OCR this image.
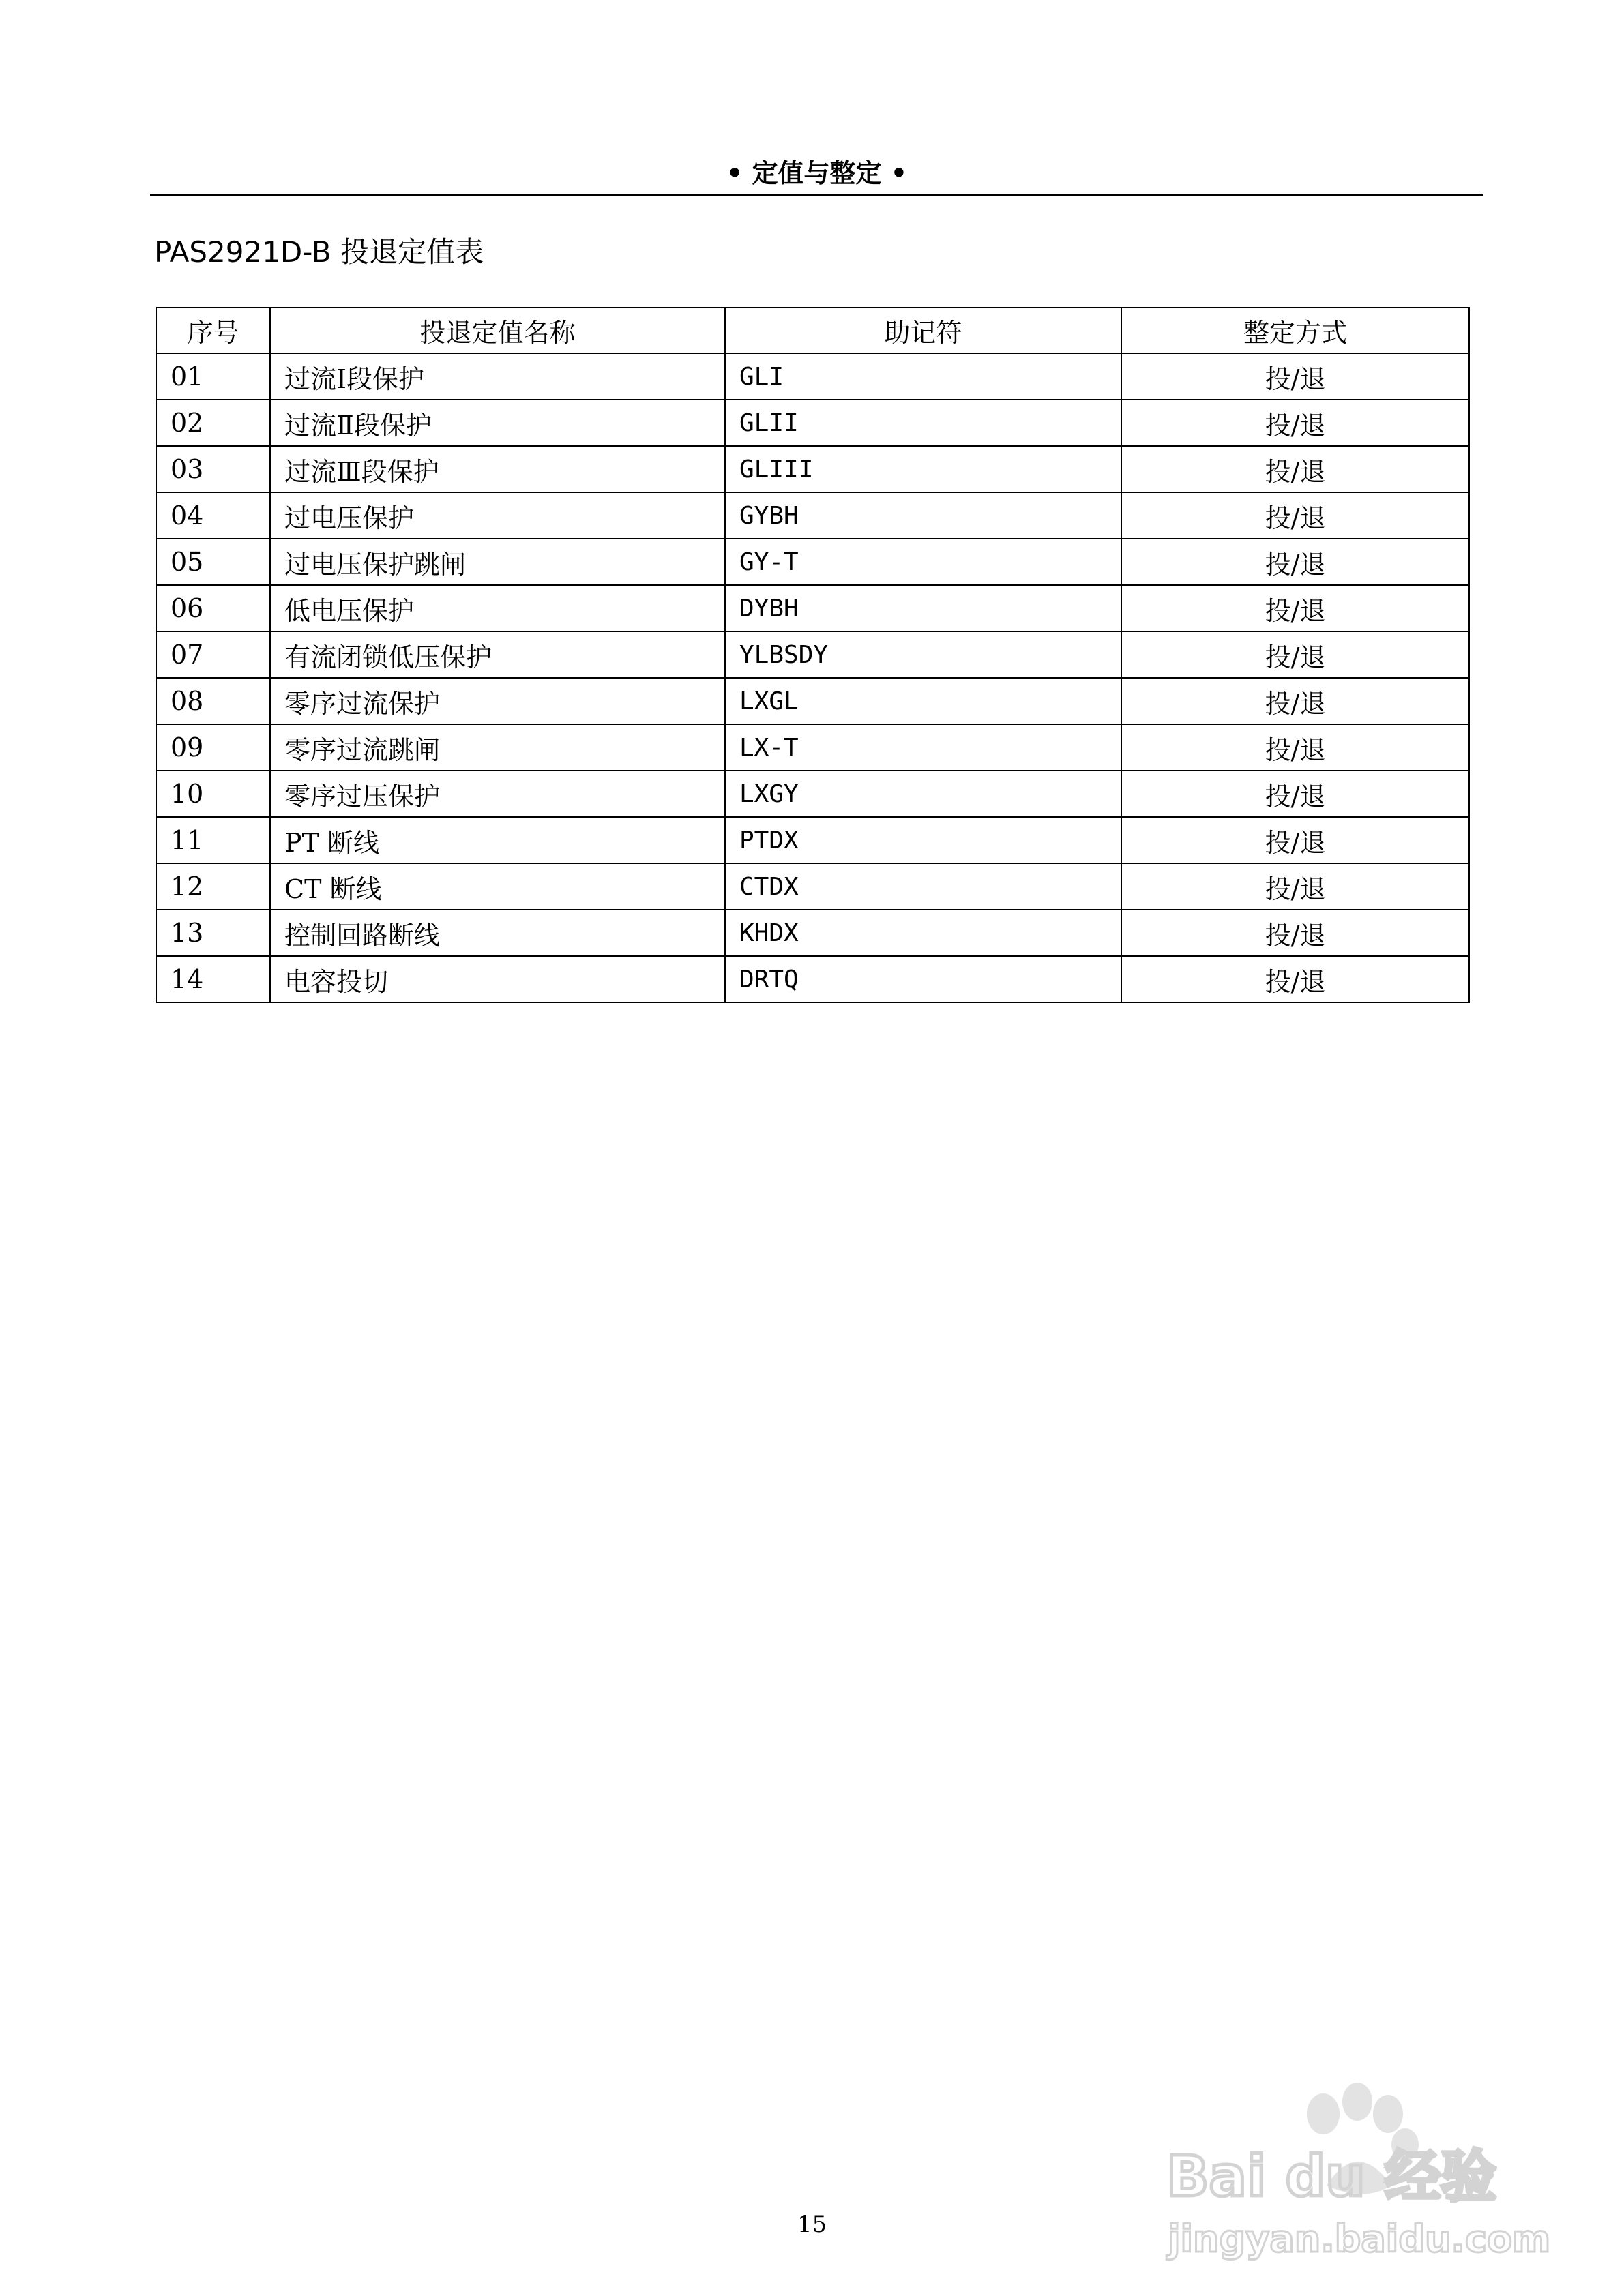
• 定值与整定 •
PAS2921D-B 投退定值表
序号	投退定值名称	助记符	整定方式
01	过流Ⅰ段保护	GLI	投/退
02	过流Ⅱ段保护	GLII	投/退
03	过流Ⅲ段保护	GLIII	投/退
04	过电压保护	GYBH	投/退
05	过电压保护跳闸	GY-T	投/退
06	低电压保护	DYBH	投/退
07	有流闭锁低压保护	YLBSDY	投/退
08	零序过流保护	LXGL	投/退
09	零序过流跳闸	LX-T	投/退
10	零序过压保护	LXGY	投/退
11	PT 断线	PTDX	投/退
12	CT 断线	CTDX	投/退
13	控制回路断线	KHDX	投/退
14	电容投切	DRTQ	投/退
15
Bai du 经验
jingyan.baidu.com
